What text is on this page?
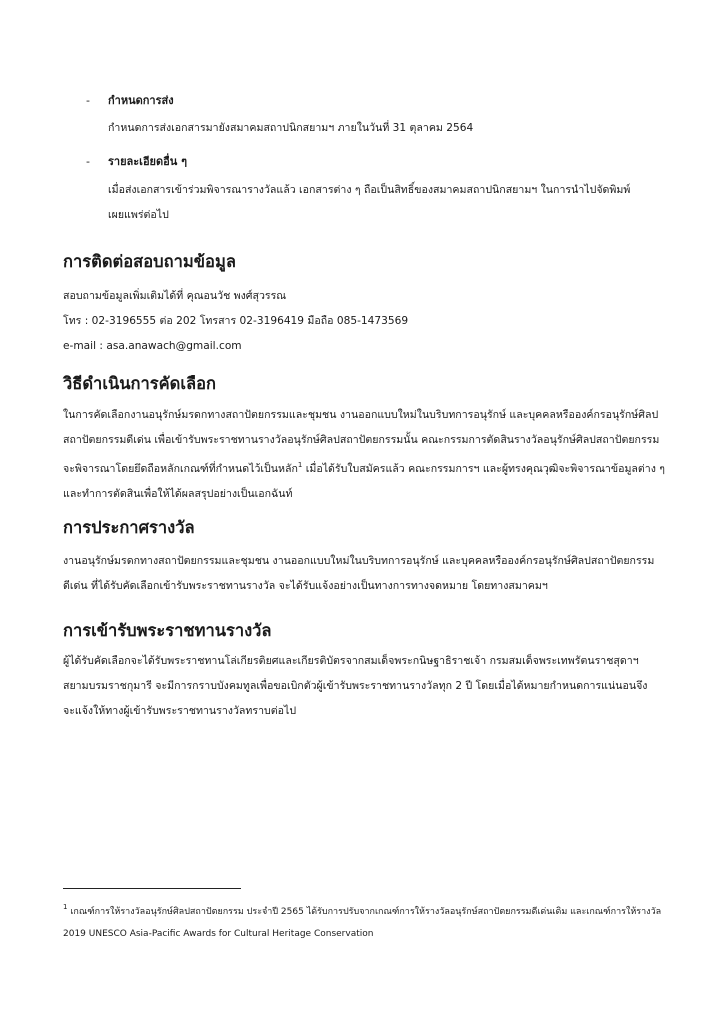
- กำหนดการส่ง
กำหนดการส่งเอกสารมายังสมาคมสถาปนิกสยามฯ ภายในวันที่ 31 ตุลาคม 2564
- รายละเอียดอื่น ๆ
เมื่อส่งเอกสารเข้าร่วมพิจารณารางวัลแล้ว เอกสารต่าง ๆ ถือเป็นสิทธิ์ของสมาคมสถาปนิกสยามฯ ในการนำไปจัดพิมพ์
เผยแพร่ต่อไป
การติดต่อสอบถามข้อมูล
สอบถามข้อมูลเพิ่มเติมได้ที่ คุณอนวัช พงศ์สุวรรณ
โทร : 02-3196555 ต่อ 202 โทรสาร 02-3196419 มือถือ 085-1473569
e-mail : asa.anawach@gmail.com
วิธีดำเนินการคัดเลือก
ในการคัดเลือกงานอนุรักษ์มรดกทางสถาปัตยกรรมและชุมชน งานออกแบบใหม่ในบริบทการอนุรักษ์ และบุคคลหรือองค์กรอนุรักษ์ศิลป
สถาปัตยกรรมดีเด่น เพื่อเข้ารับพระราชทานรางวัลอนุรักษ์ศิลปสถาปัตยกรรมนั้น คณะกรรมการตัดสินรางวัลอนุรักษ์ศิลปสถาปัตยกรรม
จะพิจารณาโดยยึดถือหลักเกณฑ์ที่กำหนดไว้เป็นหลัก$^1$ เมื่อได้รับใบสมัครแล้ว คณะกรรมการฯ และผู้ทรงคุณวุฒิจะพิจารณาข้อมูลต่าง ๆ
และทำการตัดสินเพื่อให้ได้ผลสรุปอย่างเป็นเอกฉันท์
การประกาศรางวัล
งานอนุรักษ์มรดกทางสถาปัตยกรรมและชุมชน งานออกแบบใหม่ในบริบทการอนุรักษ์ และบุคคลหรือองค์กรอนุรักษ์ศิลปสถาปัตยกรรม
ดีเด่น ที่ได้รับคัดเลือกเข้ารับพระราชทานรางวัล จะได้รับแจ้งอย่างเป็นทางการทางจดหมาย โดยทางสมาคมฯ
การเข้ารับพระราชทานรางวัล
ผู้ได้รับคัดเลือกจะได้รับพระราชทานโล่เกียรติยศและเกียรติบัตรจากสมเด็จพระกนิษฐาธิราชเจ้า กรมสมเด็จพระเทพรัตนราชสุดาฯ
สยามบรมราชกุมารี จะมีการกราบบังคมทูลเพื่อขอเบิกตัวผู้เข้ารับพระราชทานรางวัลทุก 2 ปี โดยเมื่อได้หมายกำหนดการแน่นอนจึง
จะแจ้งให้ทางผู้เข้ารับพระราชทานรางวัลทราบต่อไป
$^1$ เกณฑ์การให้รางวัลอนุรักษ์ศิลปสถาปัตยกรรม ประจำปี 2565 ได้รับการปรับจากเกณฑ์การให้รางวัลอนุรักษ์สถาปัตยกรรมดีเด่นเดิม และเกณฑ์การให้รางวัล
2019 UNESCO Asia-Pacific Awards for Cultural Heritage Conservation
